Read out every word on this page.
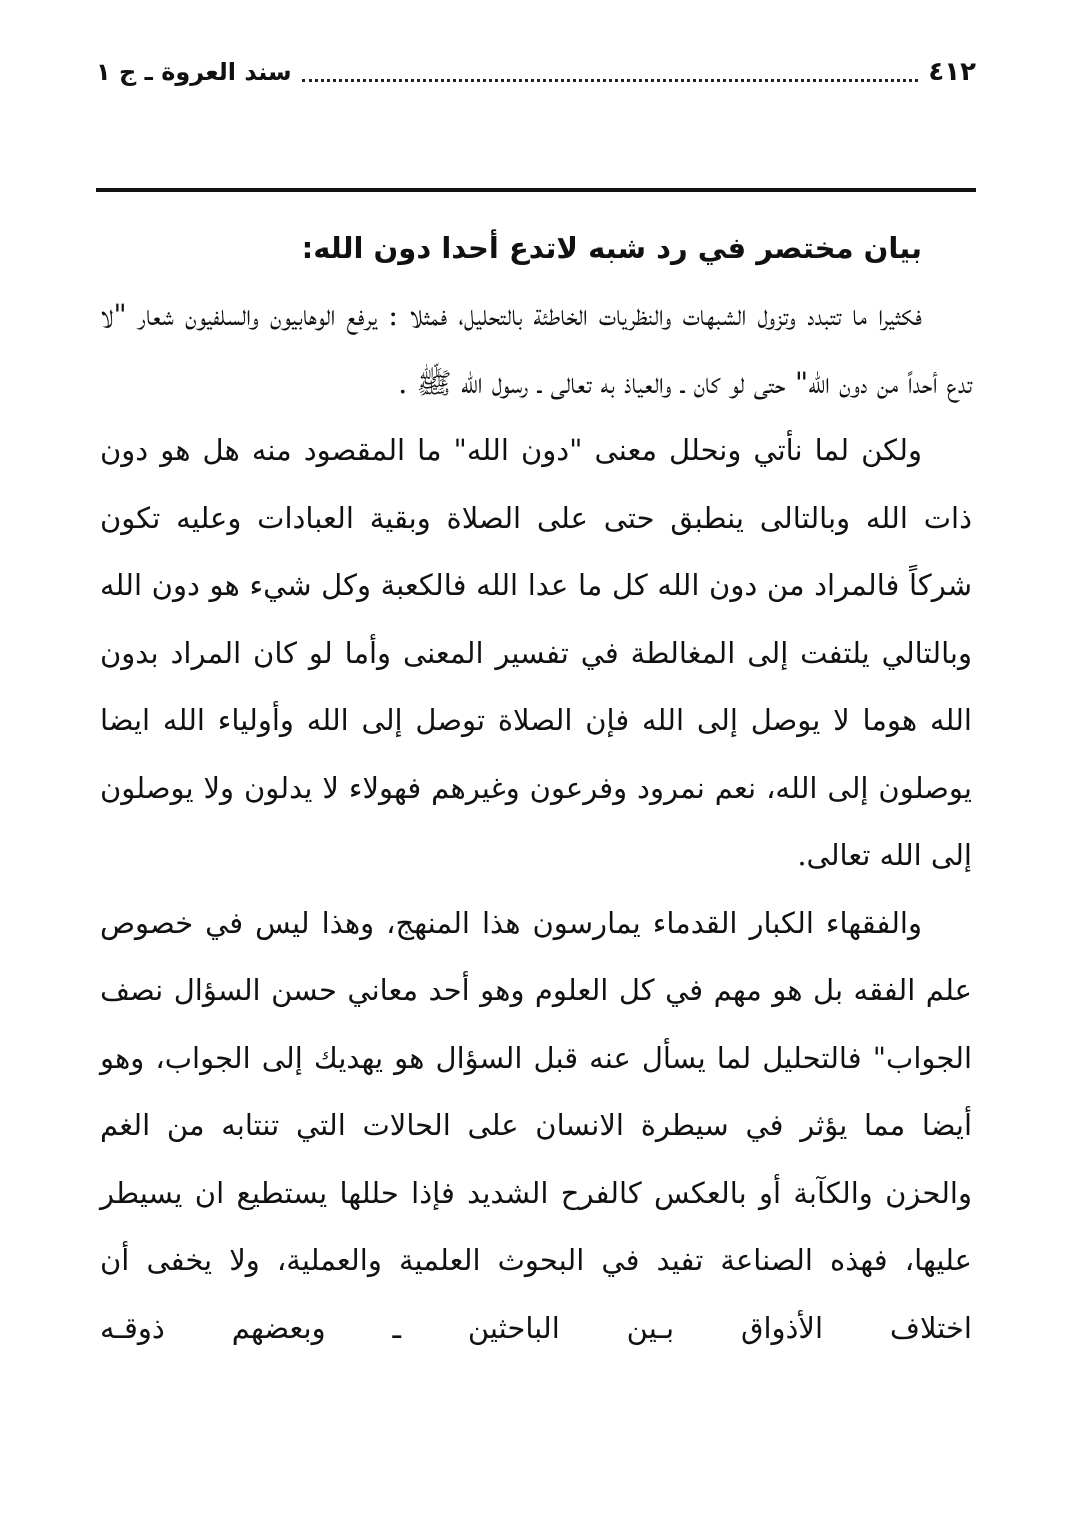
٤١٢
سند العروة ـ ج ١
بيان مختصر في رد شبه لاتدع أحدا دون الله:

فكثيرا ما تتبدد وتزول الشبهات والنظريات الخاطئة بالتحليل، فمثلا : يرفع الوهابيون والسلفيون شعار "لا تدع أحداً من دون الله" حتى لو كان ـ والعياذ به تعالى ـ رسول الله ﷺ .

ولكن لما نأتي ونحلل معنى "دون الله" ما المقصود منه هل هو دون ذات الله وبالتالى ينطبق حتى على الصلاة وبقية العبادات وعليه تكون شركاً فالمراد من دون الله كل ما عدا الله فالكعبة وكل شيء هو دون الله وبالتالي يلتفت إلى المغالطة في تفسير المعنى وأما لو كان المراد بدون الله هوما لا يوصل إلى الله فإن الصلاة توصل إلى الله وأولياء الله ايضا يوصلون إلى الله، نعم نمرود وفرعون وغيرهم فهولاء لا يدلون ولا يوصلون إلى الله تعالى.

والفقهاء الكبار القدماء يمارسون هذا المنهج، وهذا ليس في خصوص علم الفقه بل هو مهم في كل العلوم وهو أحد معاني حسن السؤال نصف الجواب" فالتحليل لما يسأل عنه قبل السؤال هو يهديك إلى الجواب، وهو أيضا مما يؤثر في سيطرة الانسان على الحالات التي تنتابه من الغم والحزن والكآبة أو بالعكس كالفرح الشديد فإذا حللها يستطيع ان يسيطر عليها، فهذه الصناعة تفيد في البحوث العلمية والعملية، ولا يخفى أن اختلاف الأذواق بـين الباحثين ـ وبعضهم ذوقـه
